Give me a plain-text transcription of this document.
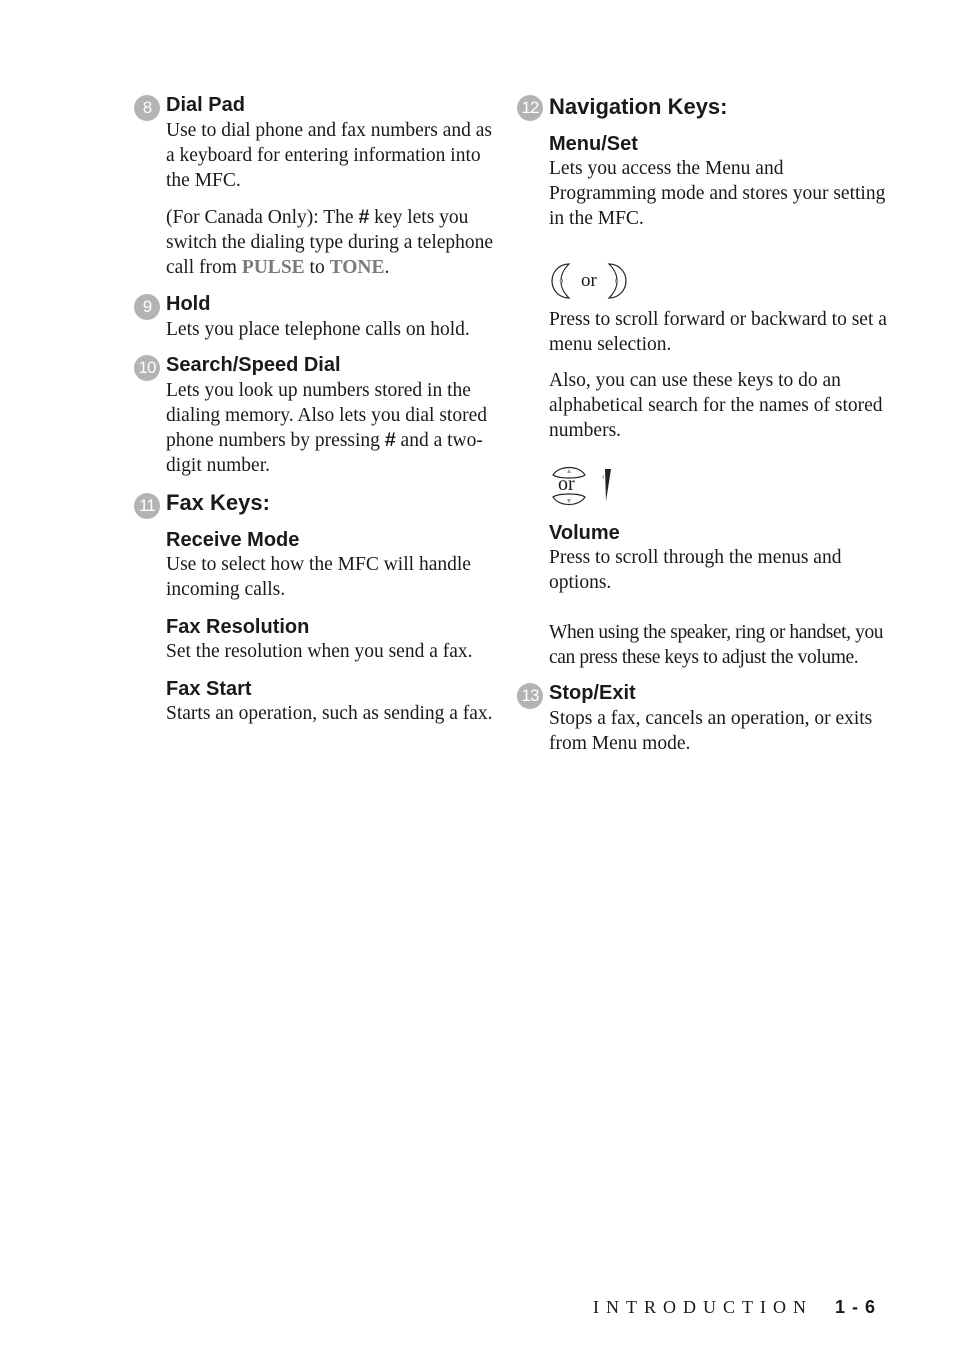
8 Dial Pad

Use to dial phone and fax numbers and as a keyboard for entering information into the MFC.

(For Canada Only): The # key lets you switch the dialing type during a telephone call from PULSE to TONE.

9 Hold

Lets you place telephone calls on hold.

10 Search/Speed Dial

Lets you look up numbers stored in the dialing memory. Also lets you dial stored phone numbers by pressing # and a two-digit number.

11 Fax Keys:

Receive Mode

Use to select how the MFC will handle incoming calls.

Fax Resolution

Set the resolution when you send a fax.

Fax Start

Starts an operation, such as sending a fax.

12 Navigation Keys:

Menu/Set

Lets you access the Menu and Programming mode and stores your setting in the MFC.

or

Press to scroll forward or backward to set a menu selection.

Also, you can use these keys to do an alphabetical search for the names of stored numbers.

or

Volume

Press to scroll through the menus and options.

When using the speaker, ring or handset, you can press these keys to adjust the volume.

13 Stop/Exit

Stops a fax, cancels an operation, or exits from Menu mode.

INTRODUCTION 1 - 6
